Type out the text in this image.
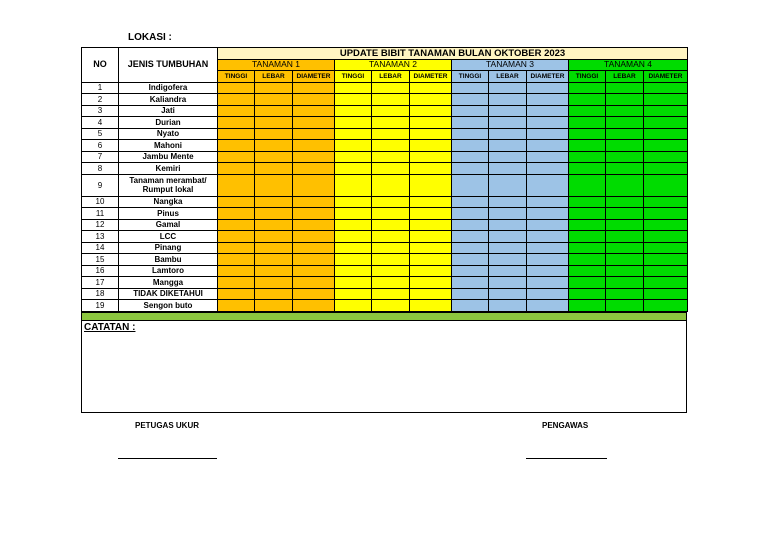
LOKASI :
NO	JENIS TUMBUHAN	UPDATE BIBIT TANAMAN BULAN OKTOBER 2023											
		TANAMAN 1			TANAMAN 2			TANAMAN 3			TANAMAN 4		
		TINGGI	LEBAR	DIAMETER	TINGGI	LEBAR	DIAMETER	TINGGI	LEBAR	DIAMETER	TINGGI	LEBAR	DIAMETER
1	Indigofera												
2	Kaliandra												
3	Jati												
4	Durian												
5	Nyato												
6	Mahoni												
7	Jambu Mente												
8	Kemiri												
9	Tanaman merambat/ Rumput lokal												
10	Nangka												
11	Pinus												
12	Gamal												
13	LCC												
14	Pinang												
15	Bambu												
16	Lamtoro												
17	Mangga												
18	TIDAK DIKETAHUI												
19	Sengon buto												
CATATAN :
PETUGAS UKUR	PENGAWAS
